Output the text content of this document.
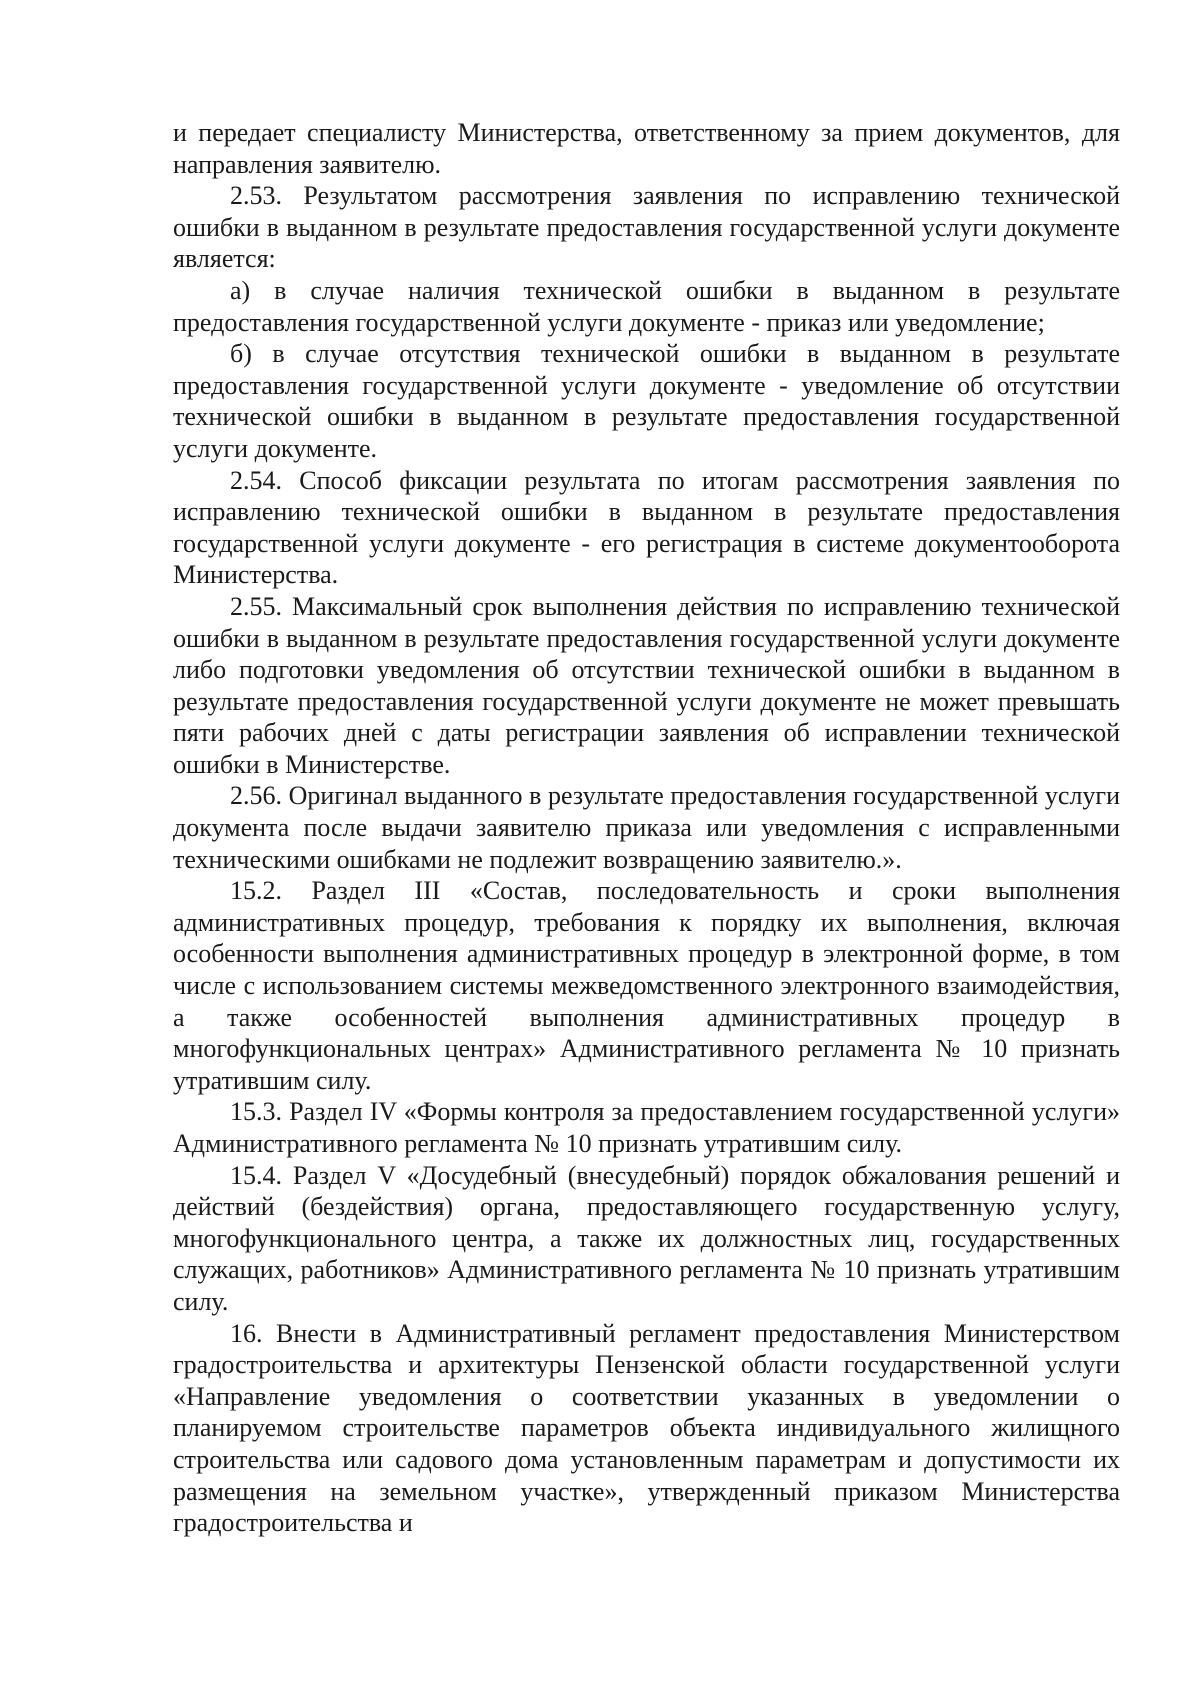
и передает специалисту Министерства, ответственному за прием документов, для направления заявителю.

2.53. Результатом рассмотрения заявления по исправлению технической ошибки в выданном в результате предоставления государственной услуги документе является:

а) в случае наличия технической ошибки в выданном в результате предоставления государственной услуги документе - приказ или уведомление;

б) в случае отсутствия технической ошибки в выданном в результате предоставления государственной услуги документе - уведомление об отсутствии технической ошибки в выданном в результате предоставления государственной услуги документе.

2.54. Способ фиксации результата по итогам рассмотрения заявления по исправлению технической ошибки в выданном в результате предоставления государственной услуги документе - его регистрация в системе документооборота Министерства.

2.55. Максимальный срок выполнения действия по исправлению технической ошибки в выданном в результате предоставления государственной услуги документе либо подготовки уведомления об отсутствии технической ошибки в выданном в результате предоставления государственной услуги документе не может превышать пяти рабочих дней с даты регистрации заявления об исправлении технической ошибки в Министерстве.

2.56. Оригинал выданного в результате предоставления государственной услуги документа после выдачи заявителю приказа или уведомления с исправленными техническими ошибками не подлежит возвращению заявителю.».

15.2. Раздел III «Состав, последовательность и сроки выполнения административных процедур, требования к порядку их выполнения, включая особенности выполнения административных процедур в электронной форме, в том числе с использованием системы межведомственного электронного взаимодействия, а также особенностей выполнения административных процедур в многофункциональных центрах» Административного регламента № 10 признать утратившим силу.

15.3. Раздел IV «Формы контроля за предоставлением государственной услуги» Административного регламента № 10 признать утратившим силу.

15.4. Раздел V «Досудебный (внесудебный) порядок обжалования решений и действий (бездействия) органа, предоставляющего государственную услугу, многофункционального центра, а также их должностных лиц, государственных служащих, работников» Административного регламента № 10 признать утратившим силу.

16. Внести в Административный регламент предоставления Министерством градостроительства и архитектуры Пензенской области государственной услуги «Направление уведомления о соответствии указанных в уведомлении о планируемом строительстве параметров объекта индивидуального жилищного строительства или садового дома установленным параметрам и допустимости их размещения на земельном участке», утвержденный приказом Министерства градостроительства и
